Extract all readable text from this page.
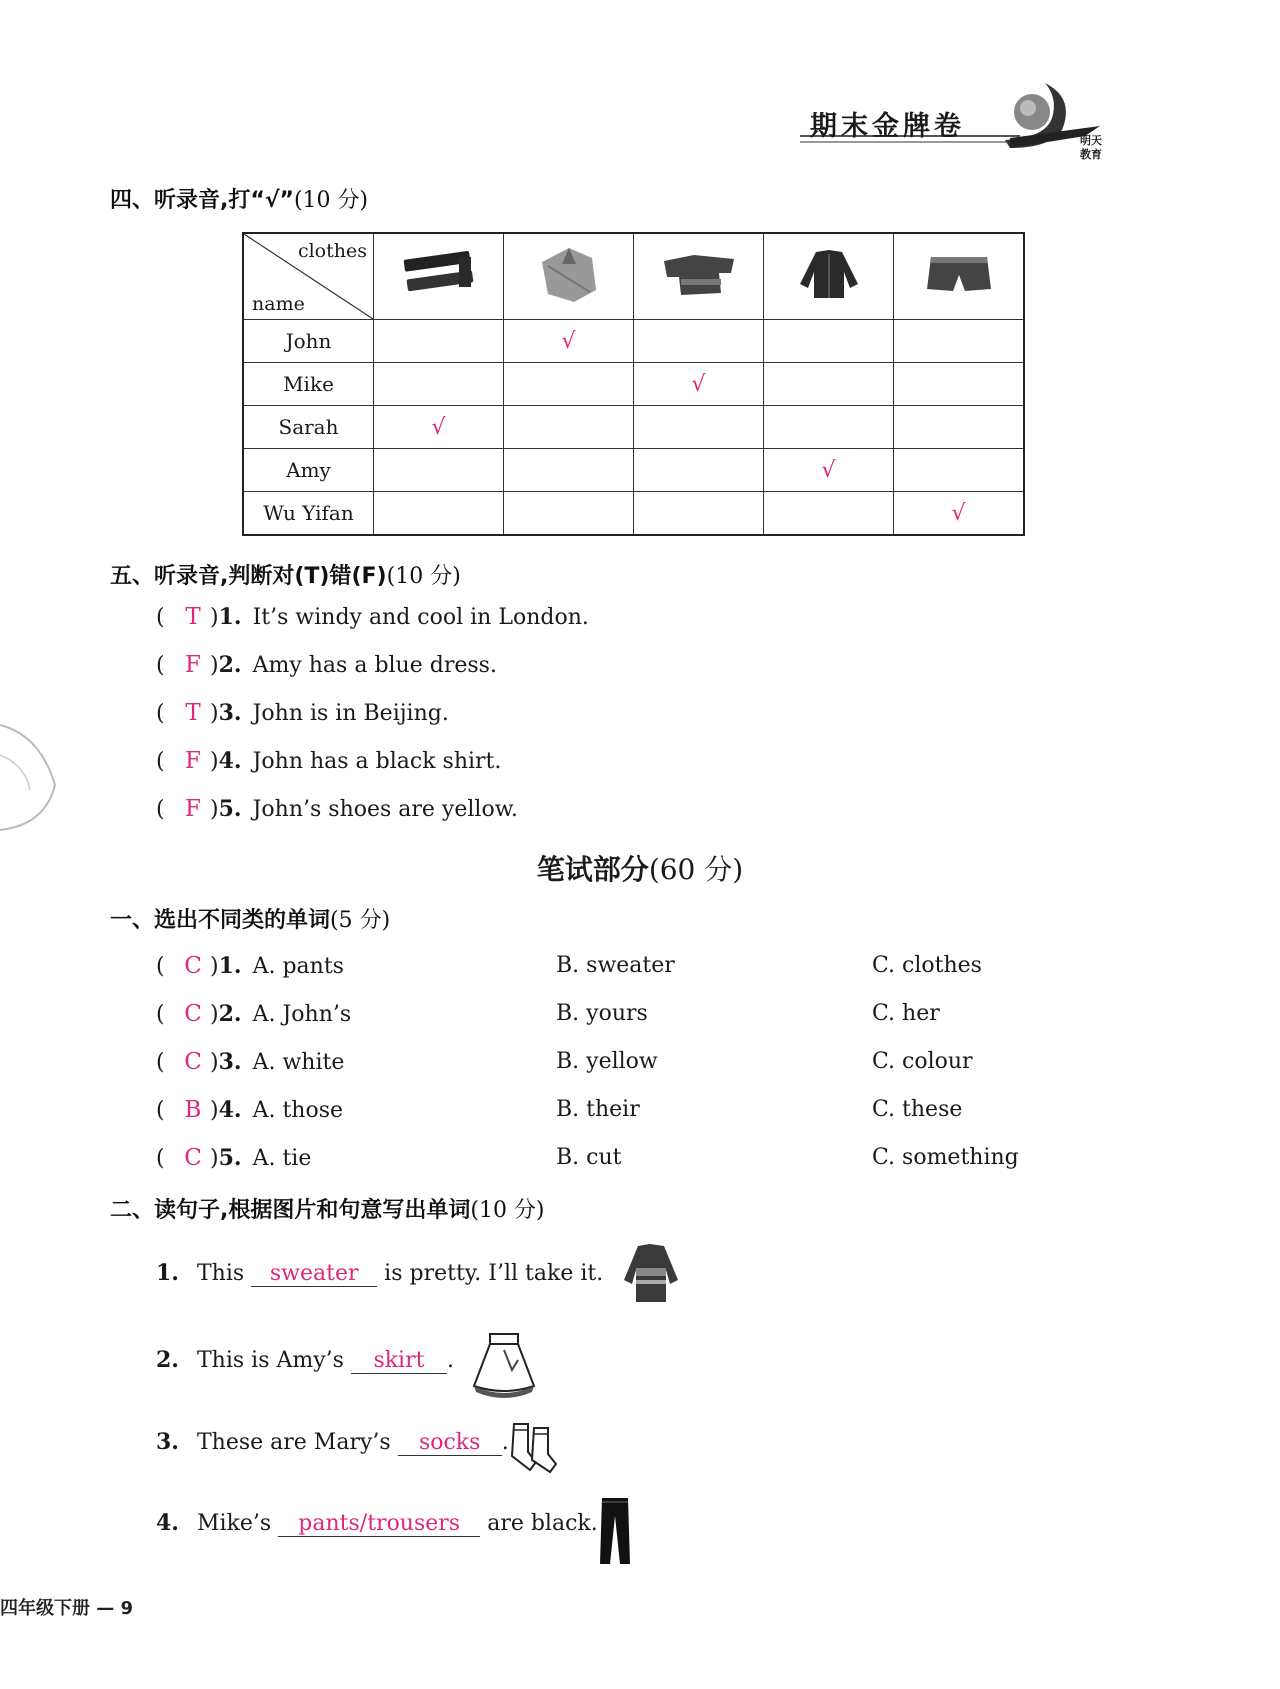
明天教育
期末金牌卷
四、听录音,打“√”(10 分)
clothes
name

John		√			
Mike			√		
Sarah	√				
Amy				√	
Wu Yifan					√
五、听录音,判断对(T)错(F)(10 分)
( T )1. It’s windy and cool in London.
( F )2. Amy has a blue dress.
( T )3. John is in Beijing.
( F )4. John has a black shirt.
( F )5. John’s shoes are yellow.
笔试部分(60 分)
一、选出不同类的单词(5 分)
( C )1. A. pants	B. sweater	C. clothes
( C )2. A. John’s	B. yours	C. her
( C )3. A. white	B. yellow	C. colour
( B )4. A. those	B. their	C. these
( C )5. A. tie	B. cut	C. something
二、读句子,根据图片和句意写出单词(10 分)
1. This sweater is pretty. I’ll take it.
2. This is Amy’s skirt .
3. These are Mary’s socks .
4. Mike’s pants/trousers are black.
四年级下册 — 9
